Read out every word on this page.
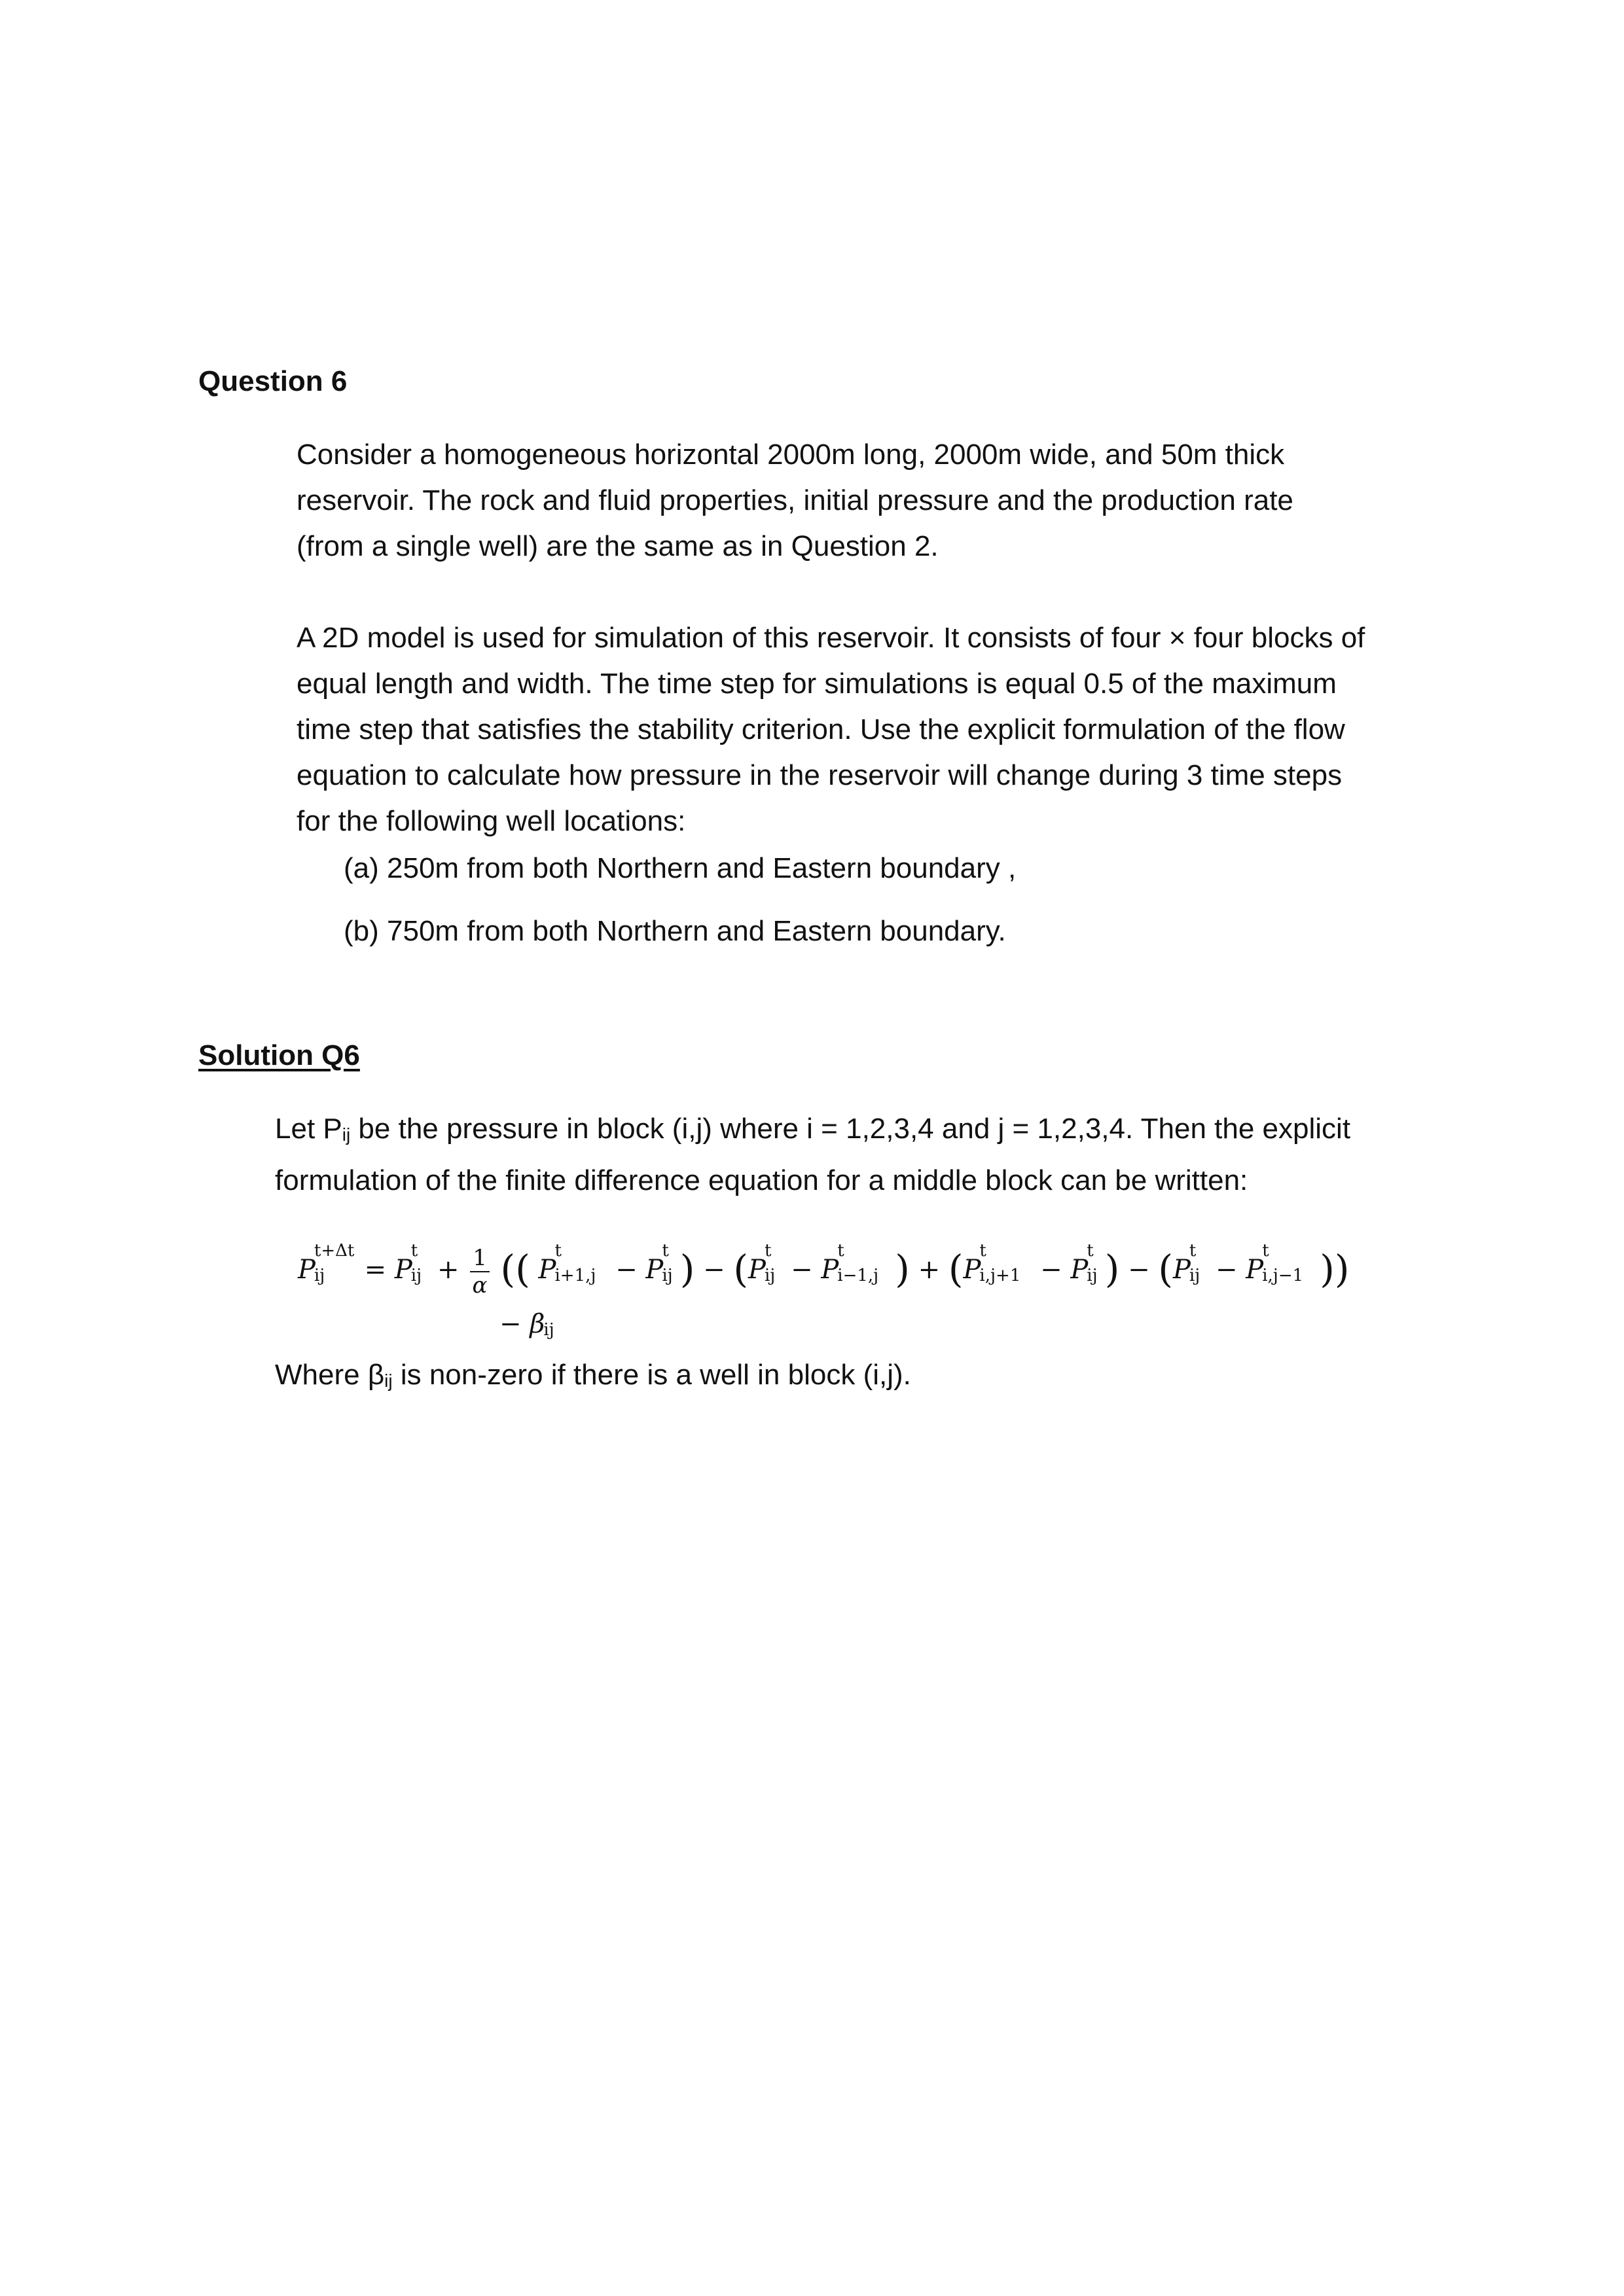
Question 6
Consider a homogeneous horizontal 2000m long, 2000m wide, and 50m thick
reservoir. The rock and fluid properties, initial pressure and the production rate
(from a single well) are the same as in Question 2.
A 2D model is used for simulation of this reservoir. It consists of four × four blocks of
equal length and width. The time step for simulations is equal 0.5 of the maximum
time step that satisfies the stability criterion. Use the explicit formulation of the flow
equation to calculate how pressure in the reservoir will change during 3 time steps
for the following well locations:
(a) 250m from both Northern and Eastern boundary ,
(b) 750m from both Northern and Eastern boundary.
Solution Q6
Let Pij be the pressure in block (i,j) where i = 1,2,3,4 and j = 1,2,3,4. Then the explicit
formulation of the finite difference equation for a middle block can be written:
P
t+Δt
ij = P
t
ij + $\frac{1}{\alpha}$ (( P
t
i+1,j − P
t
ij ) − (P
t
ij − P
t
i−1,j ) + (P
t
i,j+1 − P
t
ij ) − (P
t
ij − P
t
i,j−1 ))
− β
ij
Where βij is non-zero if there is a well in block (i,j).
